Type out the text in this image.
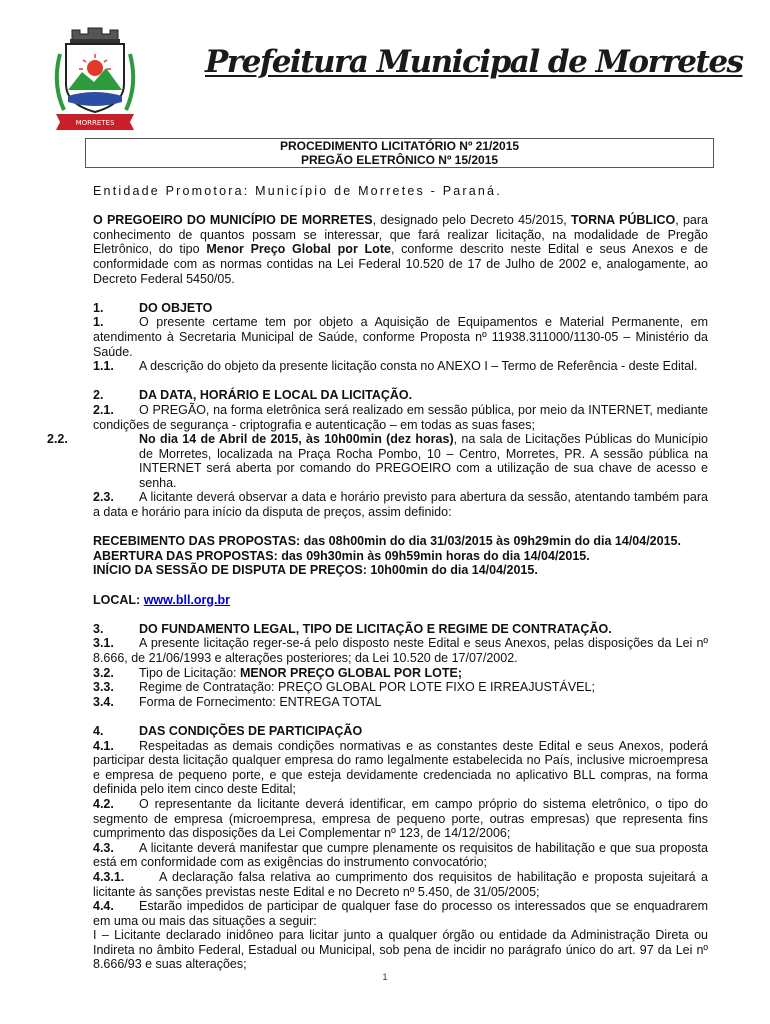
MORRETES
Prefeitura Municipal de Morretes
PROCEDIMENTO LICITATÓRIO Nº 21/2015
PREGÃO ELETRÔNICO Nº 15/2015

Entidade Promotora: Município de Morretes - Paraná.

O PREGOEIRO DO MUNICÍPIO DE MORRETES, designado pelo Decreto 45/2015, TORNA PÚBLICO, para conhecimento de quantos possam se interessar, que fará realizar licitação, na modalidade de Pregão Eletrônico, do tipo Menor Preço Global por Lote, conforme descrito neste Edital e seus Anexos e de conformidade com as normas contidas na Lei Federal 10.520 de 17 de Julho de 2002 e, analogamente, ao Decreto Federal 5450/05.

1.	DO OBJETO

1.	O presente certame tem por objeto a Aquisição de Equipamentos e Material Permanente, em atendimento à Secretaria Municipal de Saúde, conforme Proposta nº 11938.311000/1130-05 – Ministério da Saúde.

1.1. A descrição do objeto da presente licitação consta no ANEXO I – Termo de Referência - deste Edital.

2.	DA DATA, HORÁRIO E LOCAL DA LICITAÇÃO.

2.1. O PREGÃO, na forma eletrônica será realizado em sessão pública, por meio da INTERNET, mediante condições de segurança - criptografia e autenticação – em todas as suas fases;

2.2.	No dia 14 de Abril de 2015, às 10h00min (dez horas), na sala de Licitações Públicas do Município de Morretes, localizada na Praça Rocha Pombo, 10 – Centro, Morretes, PR. A sessão pública na INTERNET será aberta por comando do PREGOEIRO com a utilização de sua chave de acesso e senha.

2.3. A licitante deverá observar a data e horário previsto para abertura da sessão, atentando também para a data e horário para início da disputa de preços, assim definido:

RECEBIMENTO DAS PROPOSTAS: das 08h00min do dia 31/03/2015 às 09h29min do dia 14/04/2015.

ABERTURA DAS PROPOSTAS: das 09h30min às 09h59min horas do dia 14/04/2015.

INÍCIO DA SESSÃO DE DISPUTA DE PREÇOS: 10h00min do dia 14/04/2015.

LOCAL: www.bll.org.br

3.	DO FUNDAMENTO LEGAL, TIPO DE LICITAÇÃO E REGIME DE CONTRATAÇÃO.

3.1. A presente licitação reger-se-á pelo disposto neste Edital e seus Anexos, pelas disposições da Lei nº 8.666, de 21/06/1993 e alterações posteriores; da Lei 10.520 de 17/07/2002.

3.2. Tipo de Licitação: MENOR PREÇO GLOBAL POR LOTE;

3.3. Regime de Contratação: PREÇO GLOBAL POR LOTE FIXO E IRREAJUSTÁVEL;

3.4. Forma de Fornecimento: ENTREGA TOTAL

4.	DAS CONDIÇÕES DE PARTICIPAÇÃO

4.1. Respeitadas as demais condições normativas e as constantes deste Edital e seus Anexos, poderá participar desta licitação qualquer empresa do ramo legalmente estabelecida no País, inclusive microempresa e empresa de pequeno porte, e que esteja devidamente credenciada no aplicativo BLL compras, na forma definida pelo item cinco deste Edital;

4.2. O representante da licitante deverá identificar, em campo próprio do sistema eletrônico, o tipo do segmento de empresa (microempresa, empresa de pequeno porte, outras empresas) que representa fins cumprimento das disposições da Lei Complementar nº 123, de 14/12/2006;

4.3. A licitante deverá manifestar que cumpre plenamente os requisitos de habilitação e que sua proposta está em conformidade com as exigências do instrumento convocatório;

4.3.1.	A declaração falsa relativa ao cumprimento dos requisitos de habilitação e proposta sujeitará a licitante às sanções previstas neste Edital e no Decreto nº 5.450, de 31/05/2005;

4.4. Estarão impedidos de participar de qualquer fase do processo os interessados que se enquadrarem em uma ou mais das situações a seguir:

I – Licitante declarado inidôneo para licitar junto a qualquer órgão ou entidade da Administração Direta ou Indireta no âmbito Federal, Estadual ou Municipal, sob pena de incidir no parágrafo único do art. 97 da Lei nº 8.666/93 e suas alterações;

1
